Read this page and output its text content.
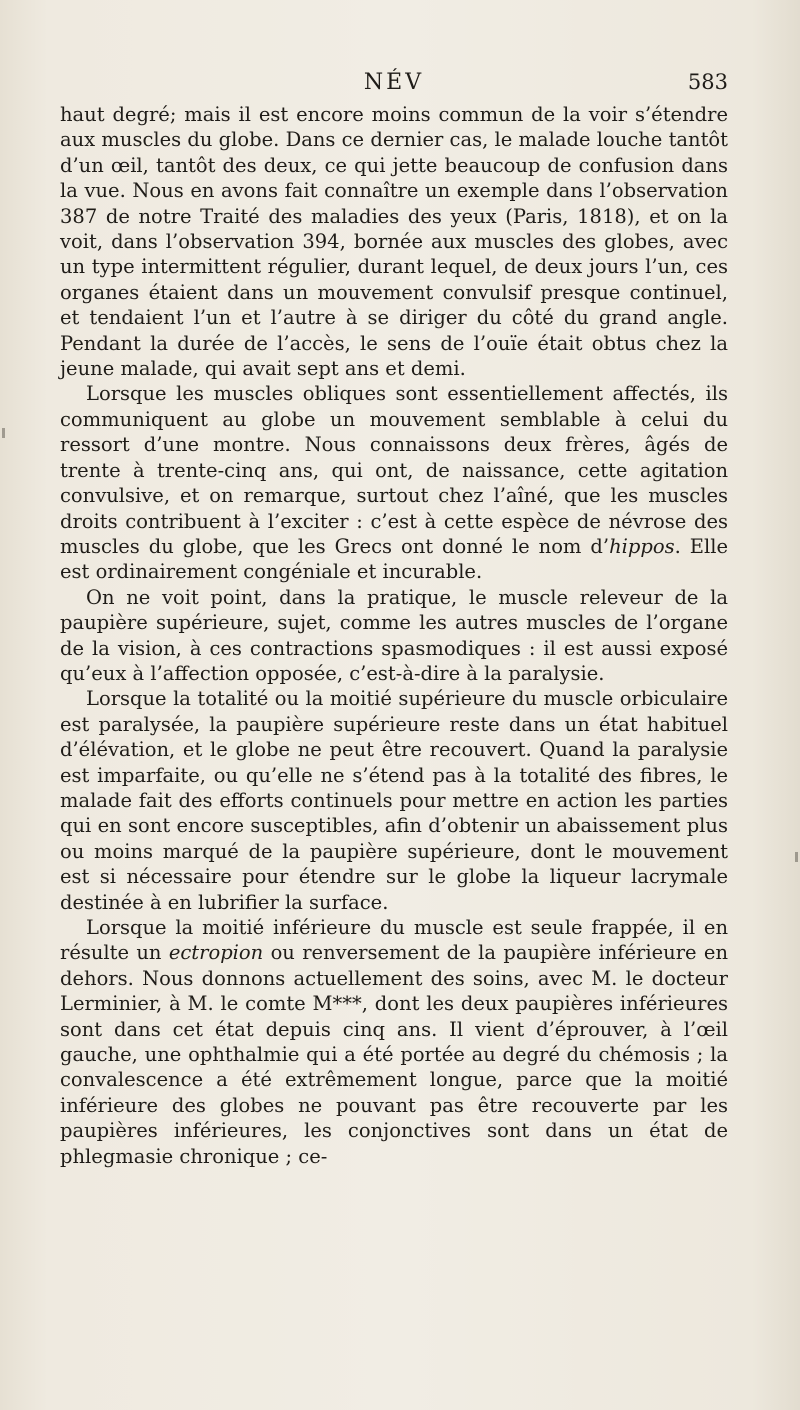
NÉV	583

haut degré; mais il est encore moins commun de la voir s’étendre aux muscles du globe. Dans ce dernier cas, le malade louche tantôt d’un œil, tantôt des deux, ce qui jette beaucoup de confusion dans la vue. Nous en avons fait connaître un exemple dans l’observation 387 de notre Traité des maladies des yeux (Paris, 1818), et on la voit, dans l’observation 394, bornée aux muscles des globes, avec un type intermittent régulier, durant lequel, de deux jours l’un, ces organes étaient dans un mouvement convulsif presque continuel, et tendaient l’un et l’autre à se diriger du côté du grand angle. Pendant la durée de l’accès, le sens de l’ouïe était obtus chez la jeune malade, qui avait sept ans et demi.

Lorsque les muscles obliques sont essentiellement affectés, ils communiquent au globe un mouvement semblable à celui du ressort d’une montre. Nous connaissons deux frères, âgés de trente à trente-cinq ans, qui ont, de naissance, cette agitation convulsive, et on remarque, surtout chez l’aîné, que les muscles droits contribuent à l’exciter : c’est à cette espèce de névrose des muscles du globe, que les Grecs ont donné le nom d’hippos. Elle est ordinairement congéniale et incurable.

On ne voit point, dans la pratique, le muscle releveur de la paupière supérieure, sujet, comme les autres muscles de l’organe de la vision, à ces contractions spasmodiques : il est aussi exposé qu’eux à l’affection opposée, c’est-à-dire à la paralysie.

Lorsque la totalité ou la moitié supérieure du muscle orbiculaire est paralysée, la paupière supérieure reste dans un état habituel d’élévation, et le globe ne peut être recouvert. Quand la paralysie est imparfaite, ou qu’elle ne s’étend pas à la totalité des fibres, le malade fait des efforts continuels pour mettre en action les parties qui en sont encore susceptibles, afin d’obtenir un abaissement plus ou moins marqué de la paupière supérieure, dont le mouvement est si nécessaire pour étendre sur le globe la liqueur lacrymale destinée à en lubrifier la surface.

Lorsque la moitié inférieure du muscle est seule frappée, il en résulte un ectropion ou renversement de la paupière inférieure en dehors. Nous donnons actuellement des soins, avec M. le docteur Lerminier, à M. le comte M***, dont les deux paupières inférieures sont dans cet état depuis cinq ans. Il vient d’éprouver, à l’œil gauche, une ophthalmie qui a été portée au degré du chémosis ; la convalescence a été extrêmement longue, parce que la moitié inférieure des globes ne pouvant pas être recouverte par les paupières inférieures, les conjonctives sont dans un état de phlegmasie chronique ; ce-
